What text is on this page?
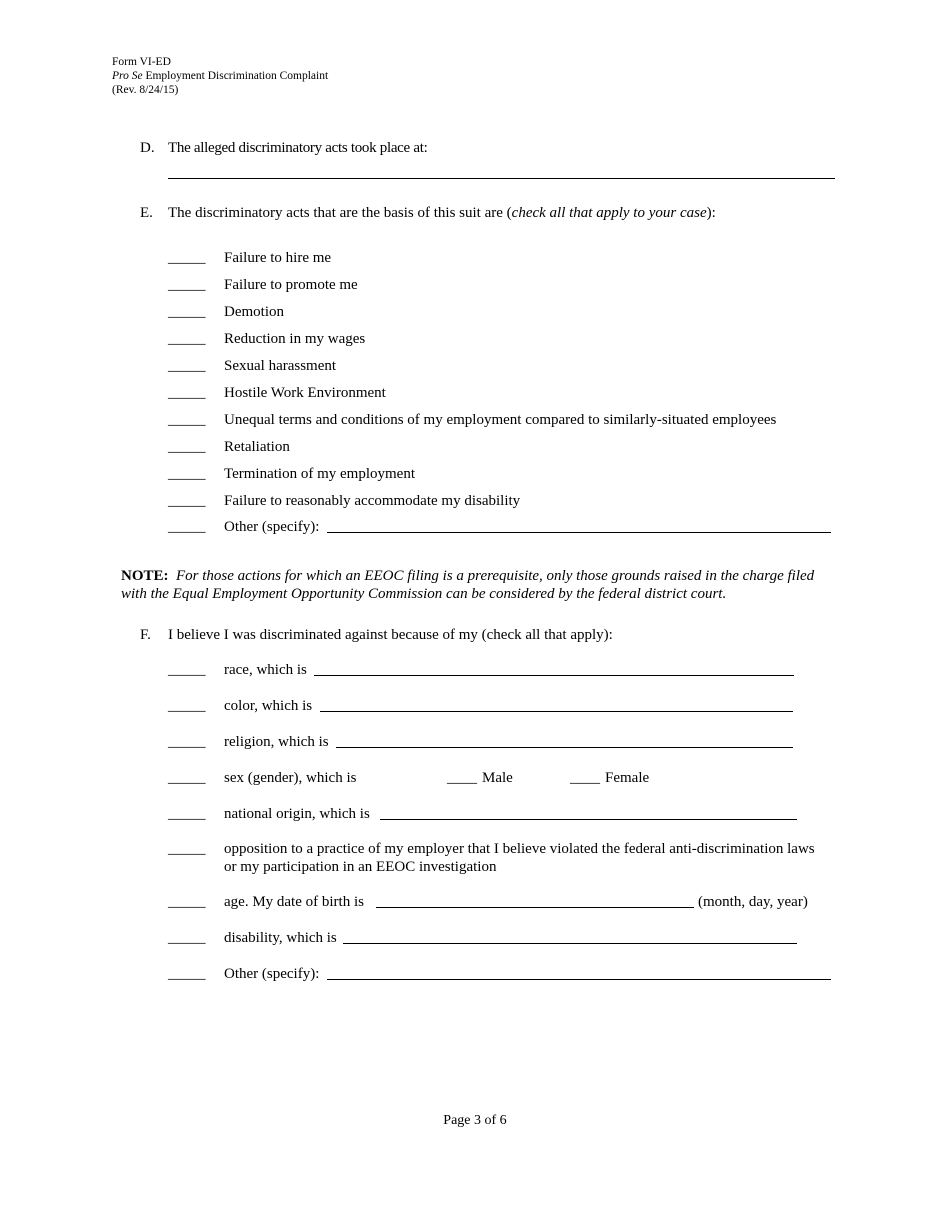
Form VI-ED
Pro Se Employment Discrimination Complaint
(Rev. 8/24/15)
D. The alleged discriminatory acts took place at:
E. The discriminatory acts that are the basis of this suit are (check all that apply to your case):
_____ Failure to hire me
_____ Failure to promote me
_____ Demotion
_____ Reduction in my wages
_____ Sexual harassment
_____ Hostile Work Environment
_____ Unequal terms and conditions of my employment compared to similarly-situated employees
_____ Retaliation
_____ Termination of my employment
_____ Failure to reasonably accommodate my disability
_____ Other (specify):
NOTE: For those actions for which an EEOC filing is a prerequisite, only those grounds raised in the charge filed
with the Equal Employment Opportunity Commission can be considered by the federal district court.
F. I believe I was discriminated against because of my (check all that apply):
_____ race, which is
_____ color, which is
_____ religion, which is
_____ sex (gender), which is	____ Male	____ Female
_____ national origin, which is
_____ opposition to a practice of my employer that I believe violated the federal anti-discrimination laws
or my participation in an EEOC investigation
_____ age. My date of birth is	(month, day, year)
_____ disability, which is
_____ Other (specify):
Page 3 of 6
